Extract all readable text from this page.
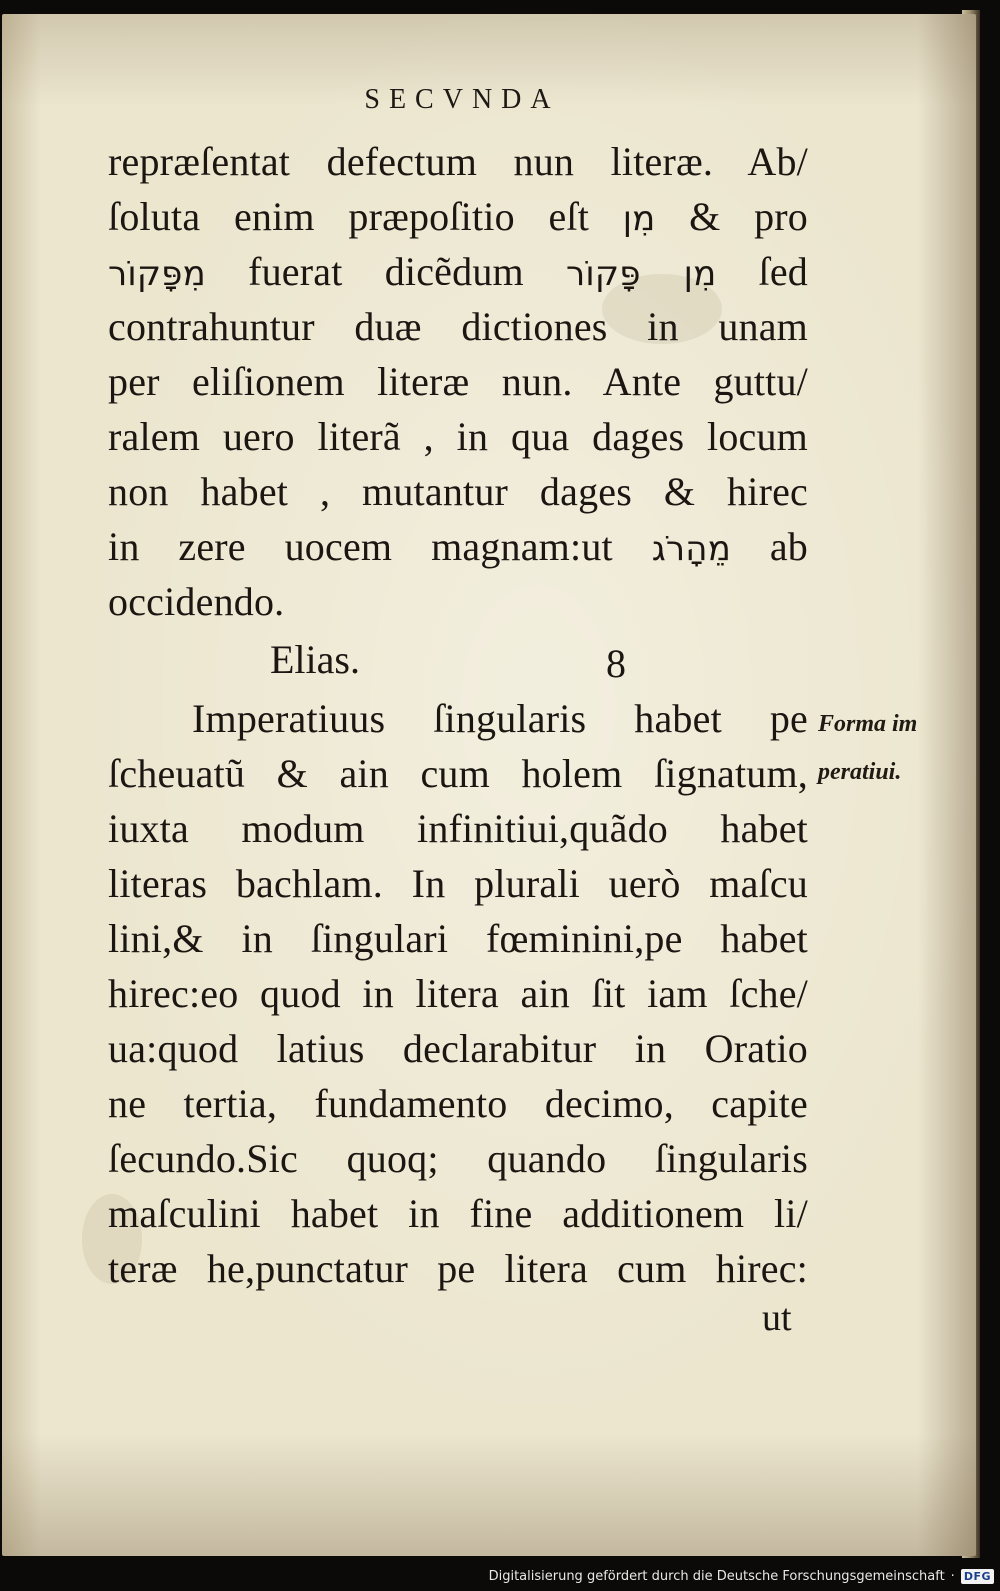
SECVNDA
repræſentat defectum nun literæ. Ab/
ſoluta enim præpoſitio eſt מִן & pro
מִפָּקוֹר fuerat dicẽdum מִן פָּקוֹר ſed
contrahuntur duæ dictiones in unam
per eliſionem literæ nun. Ante guttu/
ralem uero literã , in qua dages locum
non habet , mutantur dages & hirec
in zere uocem magnam:ut מֵהָרֹג ab
occidendo.
Elias.	8
Imperatiuus ſingularis habet pe
ſcheuatũ & ain cum holem ſignatum,
iuxta modum infinitiui,quãdo habet
literas bachlam. In plurali uerò maſcu
lini,& in ſingulari fœminini,pe habet
hirec:eo quod in litera ain ſit iam ſche/
ua:quod latius declarabitur in Oratio
ne tertia, fundamento decimo, capite
ſecundo.Sic quoq; quando ſingularis
maſculini habet in fine additionem li/
teræ he,punctatur pe litera cum hirec:
Forma im
peratiui.
ut
Digitalisierung gefördert durch die Deutsche Forschungsgemeinschaft · DFG
